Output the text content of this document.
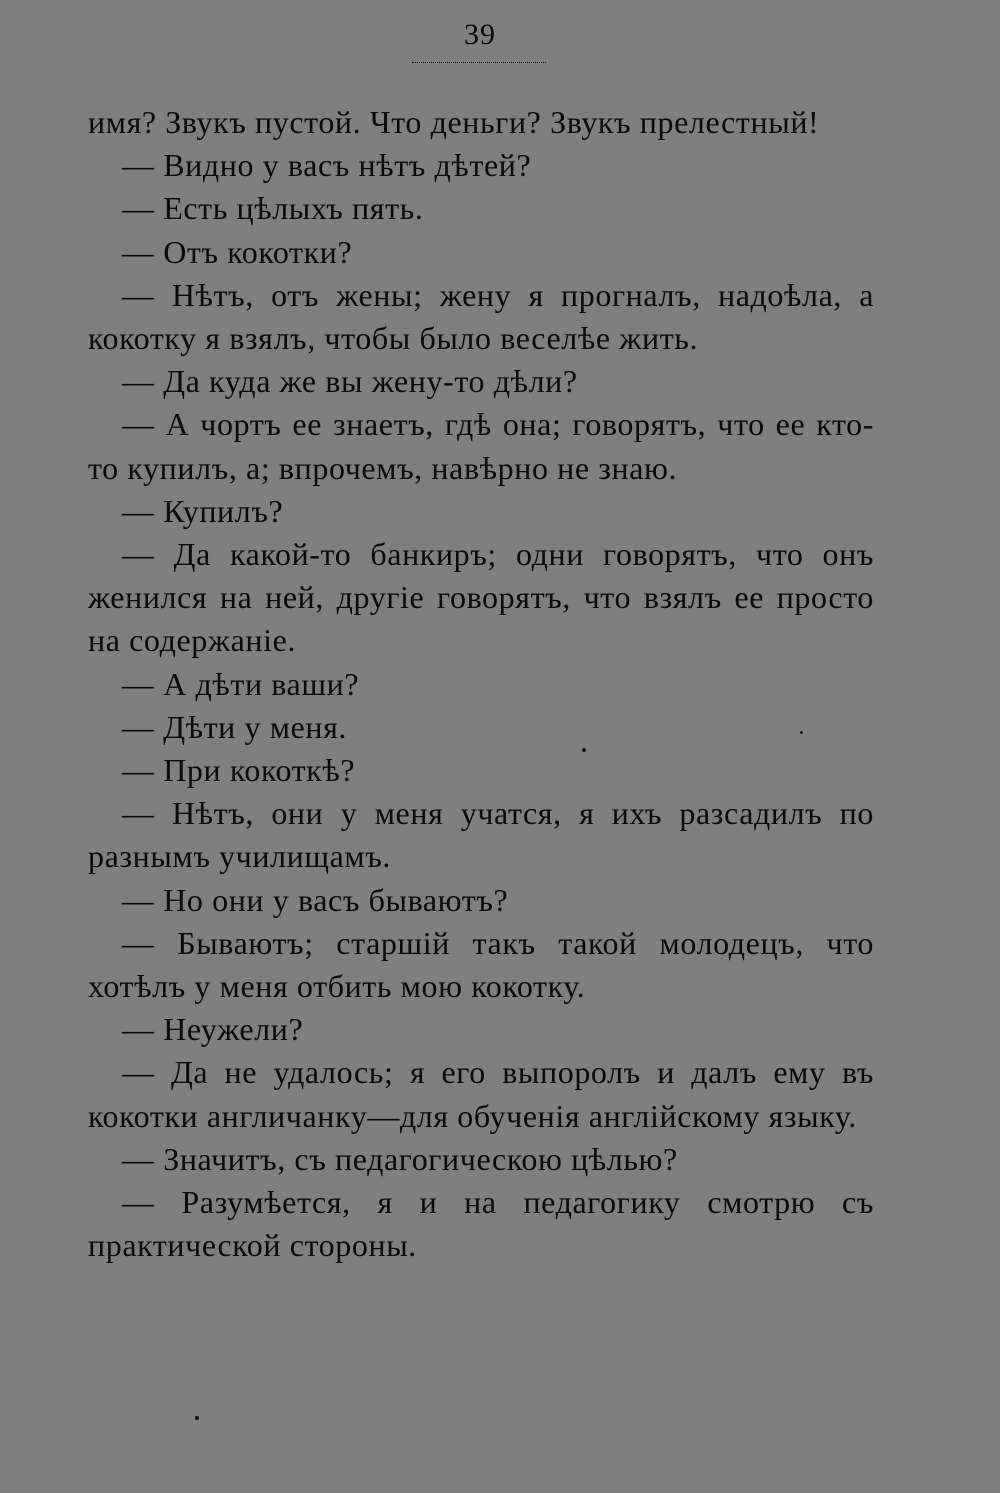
39

имя? Звукъ пустой. Что деньги? Звукъ прелестный!

— Видно у васъ нѣтъ дѣтей?

— Есть цѣлыхъ пять.

— Отъ кокотки?

— Нѣтъ, отъ жены; жену я прогналъ, надоѣла, а кокотку я взялъ, чтобы было веселѣе жить.

— Да куда же вы жену-то дѣли?

— А чортъ ее знаетъ, гдѣ она; говорятъ, что ее кто-то купилъ, а; впрочемъ, навѣрно не знаю.

— Купилъ?

— Да какой-то банкиръ; одни говорятъ, что онъ женился на ней, другіе говорятъ, что взялъ ее просто на содержаніе.

— А дѣти ваши?

— Дѣти у меня.

— При кокоткѣ?

— Нѣтъ, они у меня учатся, я ихъ разсадилъ по разнымъ училищамъ.

— Но они у васъ бываютъ?

— Бываютъ; старшій такъ такой молодецъ, что хотѣлъ у меня отбить мою кокотку.

— Неужели?

— Да не удалось; я его выпоролъ и далъ ему въ кокотки англичанку—для обученія англійскому языку.

— Значитъ, съ педагогическою цѣлью?

— Разумѣется, я и на педагогику смотрю съ практической стороны.
